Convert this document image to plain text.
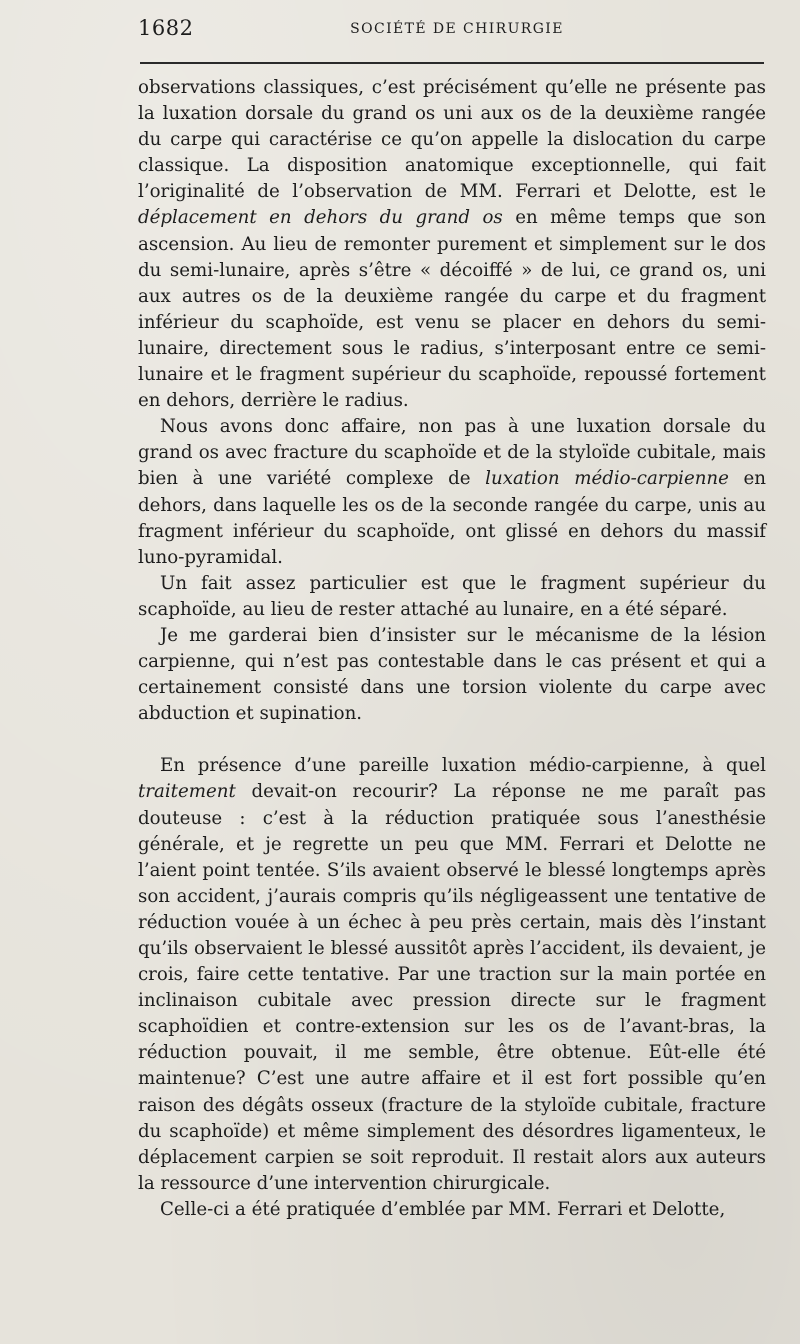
1682	SOCIÉTÉ DE CHIRURGIE

observations classiques, c’est précisément qu’elle ne présente pas la luxation dorsale du grand os uni aux os de la deuxième rangée du carpe qui caractérise ce qu’on appelle la dislocation du carpe classique. La disposition anatomique exceptionnelle, qui fait l’originalité de l’observation de MM. Ferrari et Delotte, est le déplacement en dehors du grand os en même temps que son ascension. Au lieu de remonter purement et simplement sur le dos du semi-lunaire, après s’être « décoiffé » de lui, ce grand os, uni aux autres os de la deuxième rangée du carpe et du fragment inférieur du scaphoïde, est venu se placer en dehors du semi-lunaire, directement sous le radius, s’interposant entre ce semi-lunaire et le fragment supérieur du scaphoïde, repoussé fortement en dehors, derrière le radius.

Nous avons donc affaire, non pas à une luxation dorsale du grand os avec fracture du scaphoïde et de la styloïde cubitale, mais bien à une variété complexe de luxation médio-carpienne en dehors, dans laquelle les os de la seconde rangée du carpe, unis au fragment inférieur du scaphoïde, ont glissé en dehors du massif luno-pyramidal.

Un fait assez particulier est que le fragment supérieur du scaphoïde, au lieu de rester attaché au lunaire, en a été séparé.

Je me garderai bien d’insister sur le mécanisme de la lésion carpienne, qui n’est pas contestable dans le cas présent et qui a certainement consisté dans une torsion violente du carpe avec abduction et supination.

En présence d’une pareille luxation médio-carpienne, à quel traitement devait-on recourir? La réponse ne me paraît pas douteuse : c’est à la réduction pratiquée sous l’anesthésie générale, et je regrette un peu que MM. Ferrari et Delotte ne l’aient point tentée. S’ils avaient observé le blessé longtemps après son accident, j’aurais compris qu’ils négligeassent une tentative de réduction vouée à un échec à peu près certain, mais dès l’instant qu’ils observaient le blessé aussitôt après l’accident, ils devaient, je crois, faire cette tentative. Par une traction sur la main portée en inclinaison cubitale avec pression directe sur le fragment scaphoïdien et contre-extension sur les os de l’avant-bras, la réduction pouvait, il me semble, être obtenue. Eût-elle été maintenue? C’est une autre affaire et il est fort possible qu’en raison des dégâts osseux (fracture de la styloïde cubitale, fracture du scaphoïde) et même simplement des désordres ligamenteux, le déplacement carpien se soit reproduit. Il restait alors aux auteurs la ressource d’une intervention chirurgicale.

Celle-ci a été pratiquée d’emblée par MM. Ferrari et Delotte,
